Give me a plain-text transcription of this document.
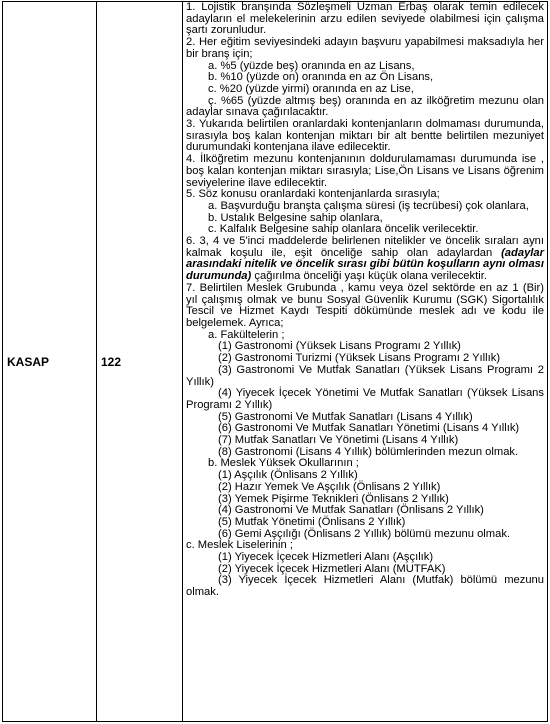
KASAP	122	

1. Lojistik branşında Sözleşmeli Uzman Erbaş olarak temin edilecek adayların el melekelerinin arzu edilen seviyede olabilmesi için çalışma şartı zorunludur.

2. Her eğitim seviyesindeki adayın başvuru yapabilmesi maksadıyla her bir branş için;

a. %5 (yüzde beş) oranında en az Lisans,

b. %10 (yüzde on) oranında en az Ön Lisans,

c. %20 (yüzde yirmi) oranında en az Lise,

ç. %65 (yüzde altmış beş) oranında en az ilköğretim mezunu olan adaylar sınava çağırılacaktır.

3. Yukarıda belirtilen oranlardaki kontenjanların dolmaması durumunda, sırasıyla boş kalan kontenjan miktarı bir alt bentte belirtilen mezuniyet durumundaki kontenjana ilave edilecektir.

4. İlköğretim mezunu kontenjanının doldurulamaması durumunda ise , boş kalan kontenjan miktarı sırasıyla; Lise,Ön Lisans ve Lisans öğrenim seviyelerine ilave edilecektir.

5. Söz konusu oranlardaki kontenjanlarda sırasıyla;

a. Başvurduğu branşta çalışma süresi (iş tecrübesi) çok olanlara,

b. Ustalık Belgesine sahip olanlara,

c. Kalfalık Belgesine sahip olanlara öncelik verilecektir.

6. 3, 4 ve 5'inci maddelerde belirlenen nitelikler ve öncelik sıraları aynı kalmak koşulu ile, eşit önceliğe sahip olan adaylardan (adaylar arasındaki nitelik ve öncelik sırası gibi bütün koşulların aynı olması durumunda) çağırılma önceliği yaşı küçük olana verilecektir.

7. Belirtilen Meslek Grubunda , kamu veya özel sektörde en az 1 (Bir) yıl çalışmış olmak ve bunu Sosyal Güvenlik Kurumu (SGK) Sigortalılık Tescil ve Hizmet Kaydı Tespiti dökümünde meslek adı ve kodu ile belgelemek. Ayrıca;

a. Fakültelerin ;

(1) Gastronomi (Yüksek Lisans Programı 2 Yıllık)

(2) Gastronomi Turizmi (Yüksek Lisans Programı 2 Yıllık)

(3) Gastronomi Ve Mutfak Sanatları (Yüksek Lisans Programı 2 Yıllık)

(4) Yiyecek İçecek Yönetimi Ve Mutfak Sanatları (Yüksek Lisans Programı 2 Yıllık)

(5) Gastronomi Ve Mutfak Sanatları (Lisans 4 Yıllık)

(6) Gastronomi Ve Mutfak Sanatları Yönetimi (Lisans 4 Yıllık)

(7) Mutfak Sanatları Ve Yönetimi (Lisans 4 Yıllık)

(8) Gastronomi (Lisans 4 Yıllık) bölümlerinden mezun olmak.

b. Meslek Yüksek Okullarının ;

(1) Aşçılık (Önlisans 2 Yıllık)

(2) Hazır Yemek Ve Aşçılık (Önlisans 2 Yıllık)

(3) Yemek Pişirme Teknikleri (Önlisans 2 Yıllık)

(4) Gastronomi Ve Mutfak Sanatları (Önlisans 2 Yıllık)

(5) Mutfak Yönetimi (Önlisans 2 Yıllık)

(6) Gemi Aşçılığı (Önlisans 2 Yıllık) bölümü mezunu olmak.

c. Meslek Liselerinin ;

(1) Yiyecek İçecek Hizmetleri Alanı (Aşçılık)

(2) Yiyecek İçecek Hizmetleri Alanı (MUTFAK)

(3) Yiyecek İçecek Hizmetleri Alanı (Mutfak) bölümü mezunu olmak.
